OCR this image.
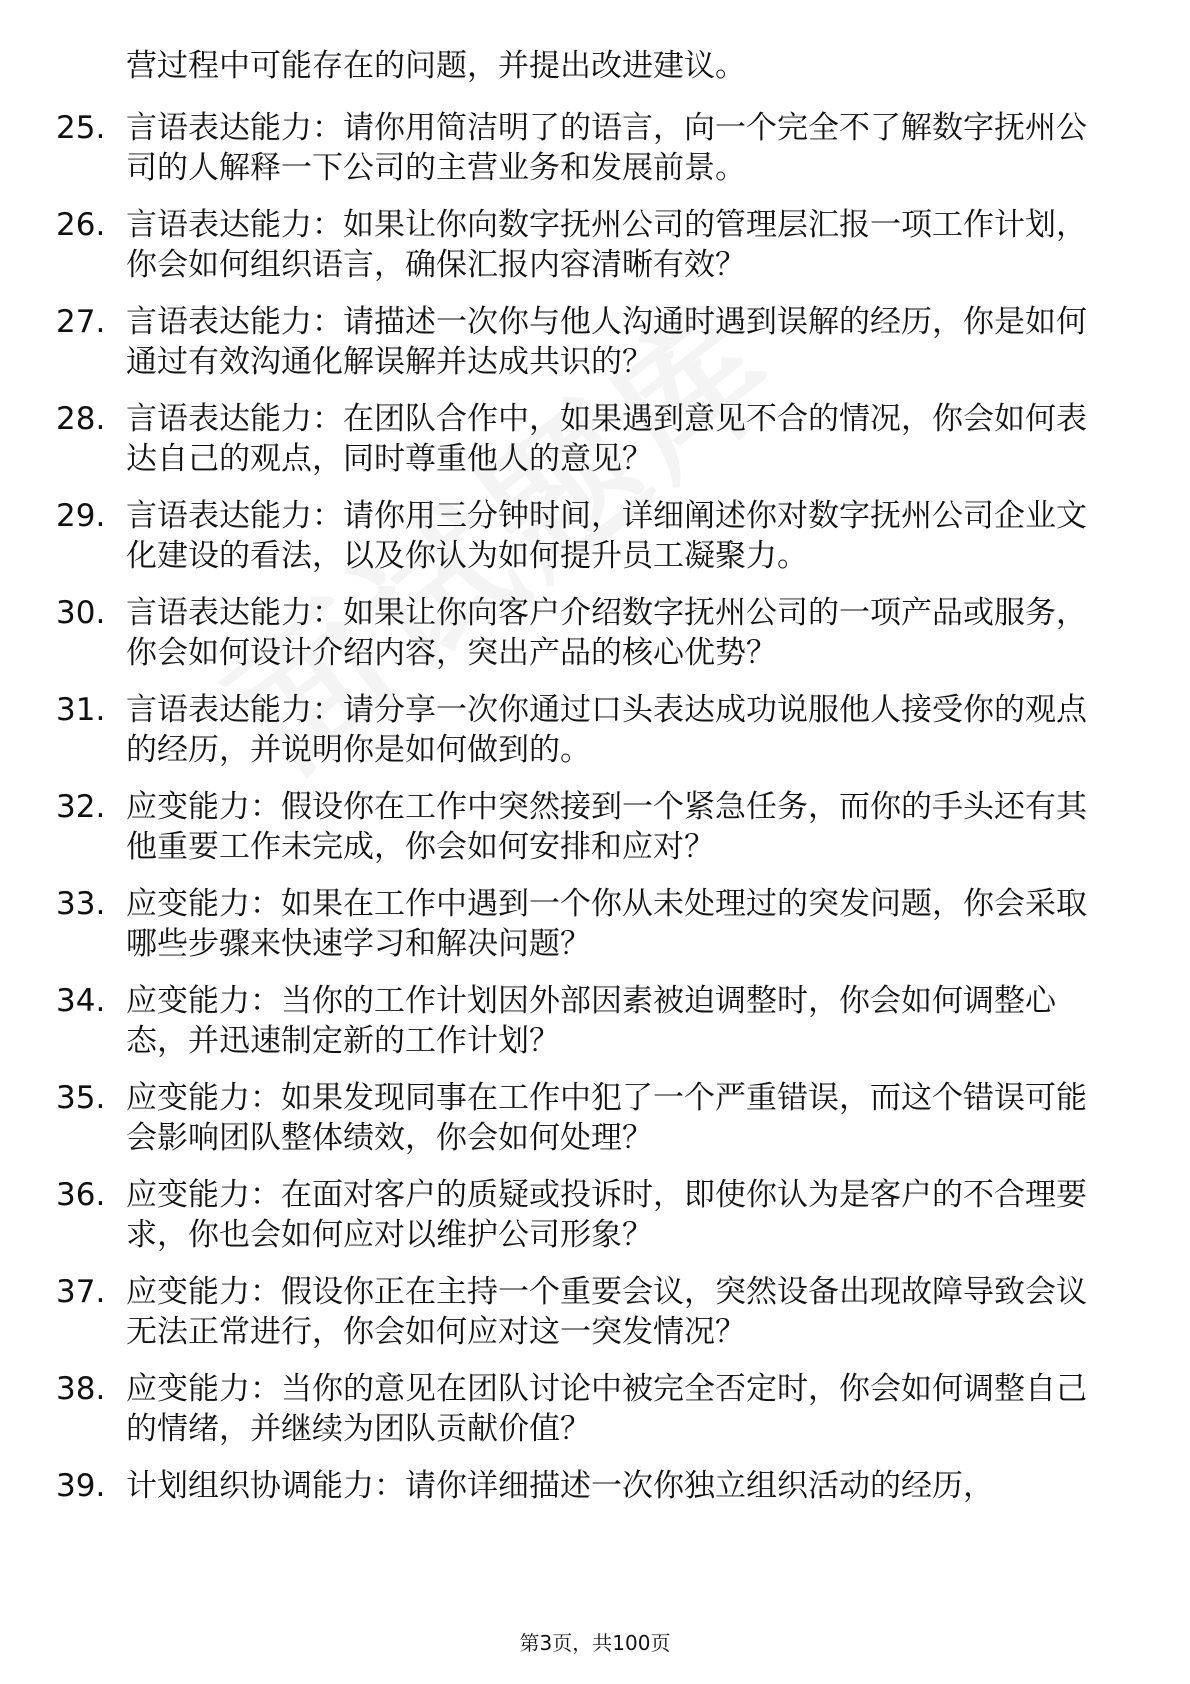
营过程中可能存在的问题，并提出改进建议。
25. 言语表达能力：请你用简洁明了的语言，向一个完全不了解数字抚州公司的人解释一下公司的主营业务和发展前景。
26. 言语表达能力：如果让你向数字抚州公司的管理层汇报一项工作计划，你会如何组织语言，确保汇报内容清晰有效？
27. 言语表达能力：请描述一次你与他人沟通时遇到误解的经历，你是如何通过有效沟通化解误解并达成共识的？
28. 言语表达能力：在团队合作中，如果遇到意见不合的情况，你会如何表达自己的观点，同时尊重他人的意见？
29. 言语表达能力：请你用三分钟时间，详细阐述你对数字抚州公司企业文化建设的看法，以及你认为如何提升员工凝聚力。
30. 言语表达能力：如果让你向客户介绍数字抚州公司的一项产品或服务，你会如何设计介绍内容，突出产品的核心优势？
31. 言语表达能力：请分享一次你通过口头表达成功说服他人接受你的观点的经历，并说明你是如何做到的。
32. 应变能力：假设你在工作中突然接到一个紧急任务，而你的手头还有其他重要工作未完成，你会如何安排和应对？
33. 应变能力：如果在工作中遇到一个你从未处理过的突发问题，你会采取哪些步骤来快速学习和解决问题？
34. 应变能力：当你的工作计划因外部因素被迫调整时，你会如何调整心态，并迅速制定新的工作计划？
35. 应变能力：如果发现同事在工作中犯了一个严重错误，而这个错误可能会影响团队整体绩效，你会如何处理？
36. 应变能力：在面对客户的质疑或投诉时，即使你认为是客户的不合理要求，你也会如何应对以维护公司形象？
37. 应变能力：假设你正在主持一个重要会议，突然设备出现故障导致会议无法正常进行，你会如何应对这一突发情况？
38. 应变能力：当你的意见在团队讨论中被完全否定时，你会如何调整自己的情绪，并继续为团队贡献价值？
39. 计划组织协调能力：请你详细描述一次你独立组织活动的经历，
第3页，共100页
